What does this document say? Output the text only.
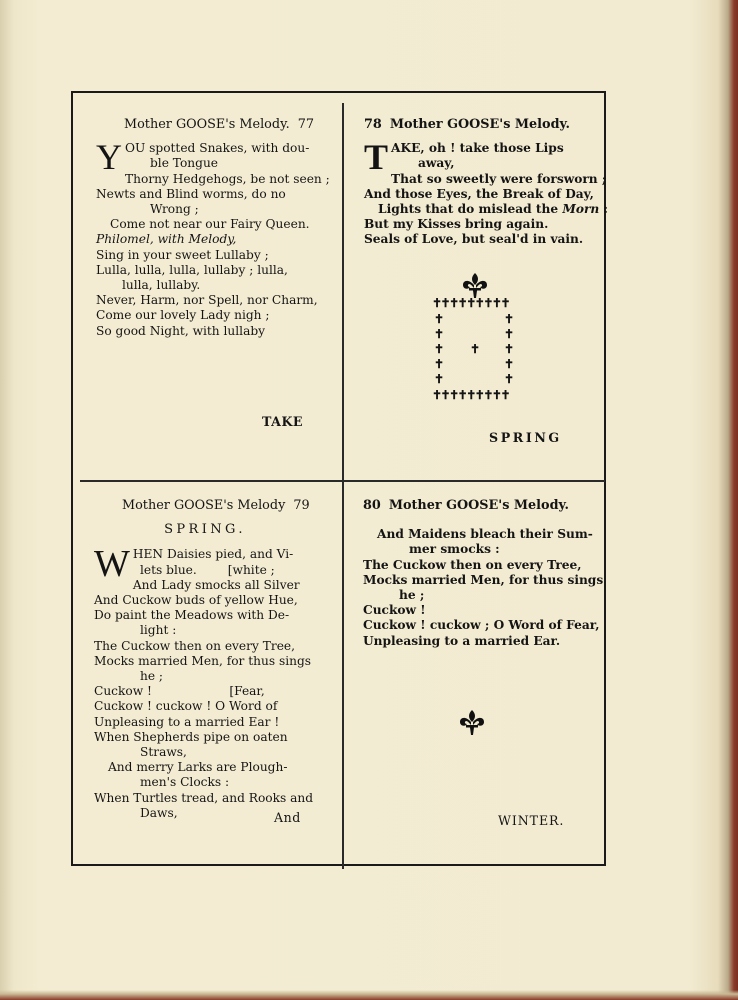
Mother GOOSE's Melody. 77
Y OU spotted Snakes, with dou-
ble Tongue
Thorny Hedgehogs, be not seen ;
Newts and Blind worms, do no
Wrong ;
Come not near our Fairy Queen.
Philomel, with Melody,
Sing in your sweet Lullaby ;
Lulla, lulla, lulla, lullaby ; lulla,
lulla, lullaby.
Never, Harm, nor Spell, nor Charm,
Come our lovely Lady nigh ;
So good Night, with lullaby
TAKE
78 Mother GOOSE's Melody.
T AKE, oh ! take those Lips
away,
That so sweetly were forsworn ;
And those Eyes, the Break of Day,
Lights that do mislead the Morn :
But my Kisses bring again.
Seals of Love, but seal'd in vain.
✝✝✝✝✝✝✝✝✝
✝	✝
✝	✝
✝ ✝ ✝
✝	✝
✝	✝
✝✝✝✝✝✝✝✝✝
SPRING
Mother GOOSE's Melody 79
SPRING.
W HEN Daisies pied, and Vi-
lets blue.        [white ;
And Lady smocks all Silver
And Cuckow buds of yellow Hue,
Do paint the Meadows with De-
light :
The Cuckow then on every Tree,
Mocks married Men, for thus sings
he ;
Cuckow !                    [Fear,
Cuckow ! cuckow ! O Word of
Unpleasing to a married Ear !
When Shepherds pipe on oaten
Straws,
And merry Larks are Plough-
men's Clocks :
When Turtles tread, and Rooks and
Daws,	And
80 Mother GOOSE's Melody.
And Maidens bleach their Sum-
mer smocks :
The Cuckow then on every Tree,
Mocks married Men, for thus sings
he ;
Cuckow !
Cuckow ! cuckow ; O Word of Fear,
Unpleasing to a married Ear.
WINTER.
